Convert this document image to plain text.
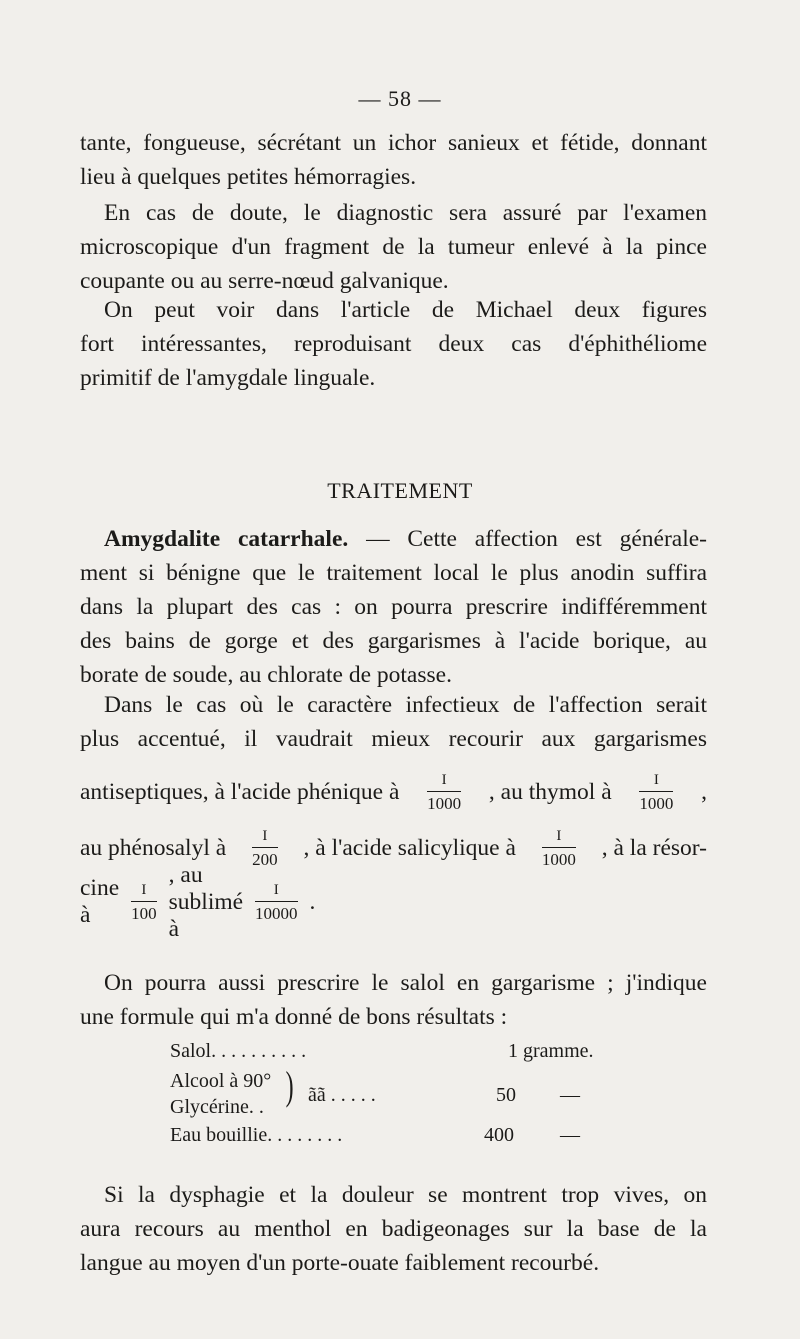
— 58 —
tante, fongueuse, sécrétant un ichor sanieux et fétide, donnant
lieu à quelques petites hémorragies.
En cas de doute, le diagnostic sera assuré par l'examen
microscopique d'un fragment de la tumeur enlevé à la pince
coupante ou au serre-nœud galvanique.
On peut voir dans l'article de Michael deux figures
fort intéressantes, reproduisant deux cas d'éphithéliome
primitif de l'amygdale linguale.
TRAITEMENT
Amygdalite catarrhale. — Cette affection est générale-
ment si bénigne que le traitement local le plus anodin suffira
dans la plupart des cas : on pourra prescrire indifféremment
des bains de gorge et des gargarismes à l'acide borique, au
borate de soude, au chlorate de potasse.
Dans le cas où le caractère infectieux de l'affection serait
plus accentué, il vaudrait mieux recourir aux gargarismes
antiseptiques, à l'acide phénique à $\frac{I}{1000}$ , au thymol à $\frac{I}{1000}$ ,
au phénosalyl à $\frac{I}{200}$ , à l'acide salicylique à $\frac{I}{1000}$ , à la résor-
cine à	$\frac{I}{100}$
, au sublimé à
$\frac{I}{10000}$ .
On pourra aussi prescrire le salol en gargarisme ; j'indique
une formule qui m'a donné de bons résultats :
Salol. . . . . . . . . .	1 gramme.
Alcool à 90°
Glycérine. . ) ãã . . . . .	50 —
Eau bouillie. . . . . . . .	400 —
Si la dysphagie et la douleur se montrent trop vives, on
aura recours au menthol en badigeonages sur la base de la
langue au moyen d'un porte-ouate faiblement recourbé.
